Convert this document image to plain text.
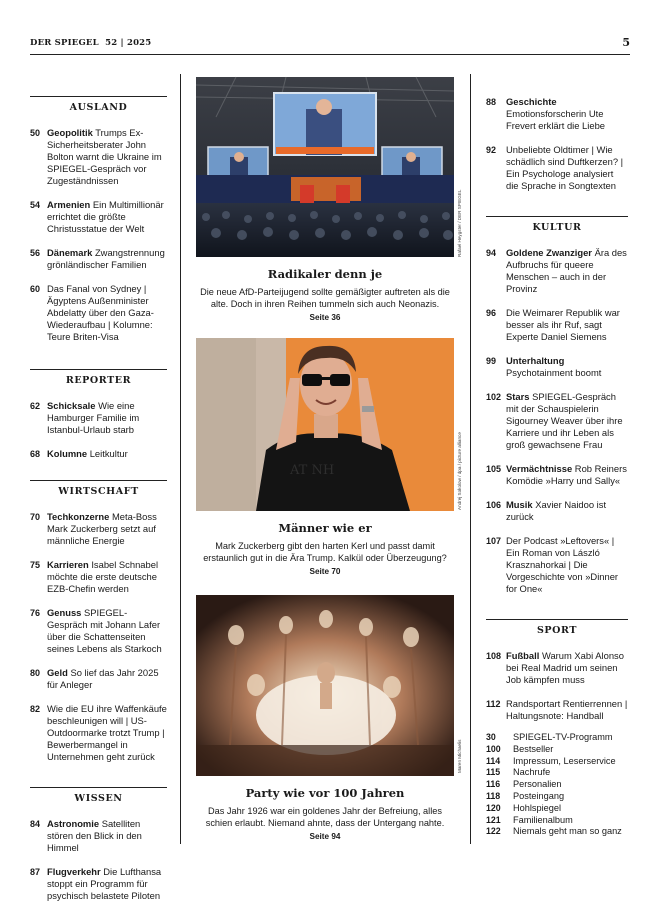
DER SPIEGEL 52 | 2025	5
AUSLAND
50 Geopolitik Trumps Ex-Sicherheitsberater John Bolton warnt die Ukraine im SPIEGEL-Gespräch vor Zugeständnissen
54 Armenien Ein Multimillionär errichtet die größte Christusstatue der Welt
56 Dänemark Zwangstrennung grönländischer Familien
60 Das Fanal von Sydney | Ägyptens Außenminister Abdelatty über den Gaza-Wiederaufbau | Kolumne: Teure Briten-Visa
REPORTER
62 Schicksale Wie eine Hamburger Familie im Istanbul-Urlaub starb
68 Kolumne Leitkultur
WIRTSCHAFT
70 Techkonzerne Meta-Boss Mark Zuckerberg setzt auf männliche Energie
75 Karrieren Isabel Schnabel möchte die erste deutsche EZB-Chefin werden
76 Genuss SPIEGEL-Gespräch mit Johann Lafer über die Schattenseiten seines Lebens als Starkoch
80 Geld So lief das Jahr 2025 für Anleger
82 Wie die EU ihre Waffenkäufe beschleunigen will | US-Outdoormarke trotzt Trump | Bewerbermangel in Unternehmen geht zurück
WISSEN
84 Astronomie Satelliten stören den Blick in den Himmel
87 Flugverkehr Die Lufthansa stoppt ein Programm für psychisch belastete Piloten
Radikaler denn je
Die neue AfD-Parteijugend sollte gemäßigter auftreten als die alte. Doch in ihren Reihen tummeln sich auch Neonazis.
Seite 36
Rafael Heygster / DER SPIEGEL
AT NH
Männer wie er
Mark Zuckerberg gibt den harten Kerl und passt damit erstaunlich gut in die Ära Trump. Kalkül oder Überzeugung?
Seite 70
Andrej Sokolow / dpa / picture alliance
Party wie vor 100 Jahren
Das Jahr 1926 war ein goldenes Jahr der Befreiung, alles schien erlaubt. Niemand ahnte, dass der Untergang nahte.
Seite 94
Maren Michaelis
88	Geschichte Emotionsforscherin Ute Frevert erklärt die Liebe
92	Unbeliebte Oldtimer | Wie schädlich sind Duftkerzen? | Ein Psychologe analysiert die Sprache in Songtexten
KULTUR
94	Goldene Zwanziger Ära des Aufbruchs für queere Menschen – auch in der Provinz
96	Die Weimarer Republik war besser als ihr Ruf, sagt Experte Daniel Siemens
99	Unterhaltung Psychotainment boomt
102 Stars SPIEGEL-Gespräch mit der Schauspielerin Sigourney Weaver über ihre Karriere und ihr Leben als groß gewachsene Frau
105 Vermächtnisse Rob Reiners Komödie »Harry und Sally«
106 Musik Xavier Naidoo ist zurück
107 Der Podcast »Leftovers« | Ein Roman von László Krasznahorkai | Die Vorgeschichte von »Dinner for One«
SPORT
108 Fußball Warum Xabi Alonso bei Real Madrid um seinen Job kämpfen muss
112 Randsportart Rentierrennen | Haltungsnote: Handball
30 SPIEGEL-TV-Programm
100 Bestseller
114 Impressum, Leserservice
115 Nachrufe
116 Personalien
118 Posteingang
120 Hohlspiegel
121 Familienalbum
122 Niemals geht man so ganz
